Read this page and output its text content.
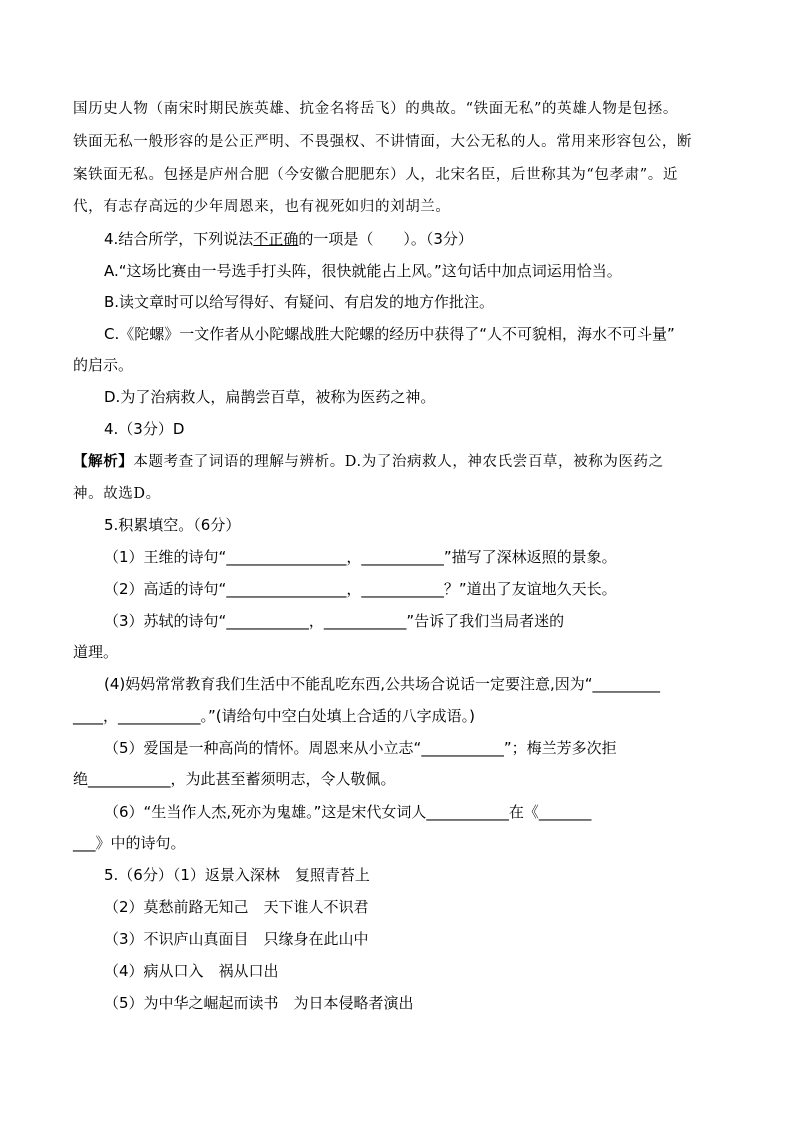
国历史人物（南宋时期民族英雄、抗金名将岳飞）的典故。“铁面无私”的英雄人物是包拯。
铁面无私一般形容的是公正严明、不畏强权、不讲情面，大公无私的人。常用来形容包公，断
案铁面无私。包拯是庐州合肥（今安徽合肥肥东）人，北宋名臣，后世称其为“包孝肃”。近
代，有志存高远的少年周恩来，也有视死如归的刘胡兰。
4.结合所学，下列说法不正确的一项是（　　）。（3分）
A.“这场比赛由一号选手打头阵，很快就能占上风。”这句话中加点词运用恰当。
B.读文章时可以给写得好、有疑问、有启发的地方作批注。
C.《陀螺》一文作者从小陀螺战胜大陀螺的经历中获得了“人不可貌相，海水不可斗量”
的启示。
D.为了治病救人，扁鹊尝百草，被称为医药之神。
4.（3分）D
【解析】本题考查了词语的理解与辨析。D.为了治病救人，神农氏尝百草，被称为医药之
神。故选D。
5.积累填空。（6分）
（1）王维的诗句“________________，___________”描写了深林返照的景象。
（2）高适的诗句“________________，___________？”道出了友谊地久天长。
（3）苏轼的诗句“___________，___________”告诉了我们当局者迷的
道理。
(4)妈妈常常教育我们生活中不能乱吃东西,公共场合说话一定要注意,因为“_________
____，___________。”(请给句中空白处填上合适的八字成语。)
（5）爱国是一种高尚的情怀。周恩来从小立志“___________”；梅兰芳多次拒
绝___________，为此甚至蓄须明志，令人敬佩。
（6）“生当作人杰,死亦为鬼雄。”这是宋代女词人___________在《_______
___》中的诗句。
5.（6分）（1）返景入深林　复照青苔上
（2）莫愁前路无知己　天下谁人不识君
（3）不识庐山真面目　只缘身在此山中
（4）病从口入　祸从口出
（5）为中华之崛起而读书　为日本侵略者演出
